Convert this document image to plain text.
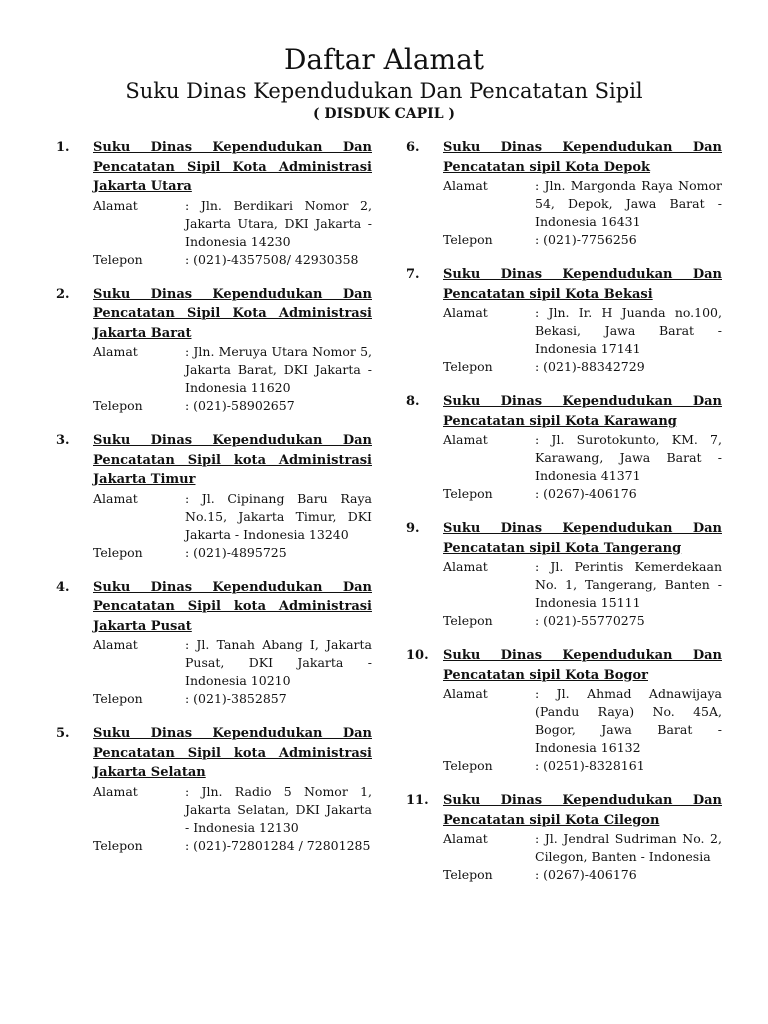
Daftar Alamat
Suku Dinas Kependudukan Dan Pencatatan Sipil
( DISDUK CAPIL )
1.	Suku Dinas Kependudukan Dan
Pencatatan Sipil Kota Administrasi
Jakarta Utara
Alamat	: Jln. Berdikari Nomor 2, Jakarta Utara, DKI Jakarta - Indonesia 14230
Telepon	: (021)-4357508/ 42930358
2.	Suku Dinas Kependudukan Dan
Pencatatan Sipil Kota Administrasi
Jakarta Barat
Alamat	: Jln. Meruya Utara Nomor 5, Jakarta Barat, DKI Jakarta - Indonesia 11620
Telepon	: (021)-58902657
3.	Suku Dinas Kependudukan Dan
Pencatatan Sipil kota Administrasi
Jakarta Timur
Alamat	: Jl. Cipinang Baru Raya No.15, Jakarta Timur, DKI Jakarta - Indonesia 13240
Telepon	: (021)-4895725
4.	Suku Dinas Kependudukan Dan
Pencatatan Sipil kota Administrasi
Jakarta Pusat
Alamat	: Jl. Tanah Abang I, Jakarta Pusat, DKI Jakarta - Indonesia 10210
Telepon	: (021)-3852857
5.	Suku Dinas Kependudukan Dan
Pencatatan Sipil kota Administrasi
Jakarta Selatan
Alamat	: Jln. Radio 5 Nomor 1, Jakarta Selatan, DKI Jakarta - Indonesia 12130
Telepon	: (021)-72801284 / 72801285
6.	Suku Dinas Kependudukan Dan
Pencatatan sipil Kota Depok
Alamat	: Jln. Margonda Raya Nomor 54, Depok, Jawa Barat - Indonesia 16431
Telepon	: (021)-7756256
7.	Suku Dinas Kependudukan Dan
Pencatatan sipil Kota Bekasi
Alamat	: Jln. Ir. H Juanda no.100, Bekasi, Jawa Barat - Indonesia 17141
Telepon	: (021)-88342729
8.	Suku Dinas Kependudukan Dan
Pencatatan sipil Kota Karawang
Alamat	: Jl. Surotokunto, KM. 7, Karawang, Jawa Barat - Indonesia 41371
Telepon	: (0267)-406176
9.	Suku Dinas Kependudukan Dan
Pencatatan sipil Kota Tangerang
Alamat	: Jl. Perintis Kemerdekaan No. 1, Tangerang, Banten - Indonesia 15111
Telepon	: (021)-55770275
10.	Suku Dinas Kependudukan Dan
Pencatatan sipil Kota Bogor
Alamat	: Jl. Ahmad Adnawijaya (Pandu Raya) No. 45A, Bogor, Jawa Barat - Indonesia 16132
Telepon	: (0251)-8328161
11.	Suku Dinas Kependudukan Dan
Pencatatan sipil Kota Cilegon
Alamat	: Jl. Jendral Sudriman No. 2, Cilegon, Banten - Indonesia
Telepon	: (0267)-406176
